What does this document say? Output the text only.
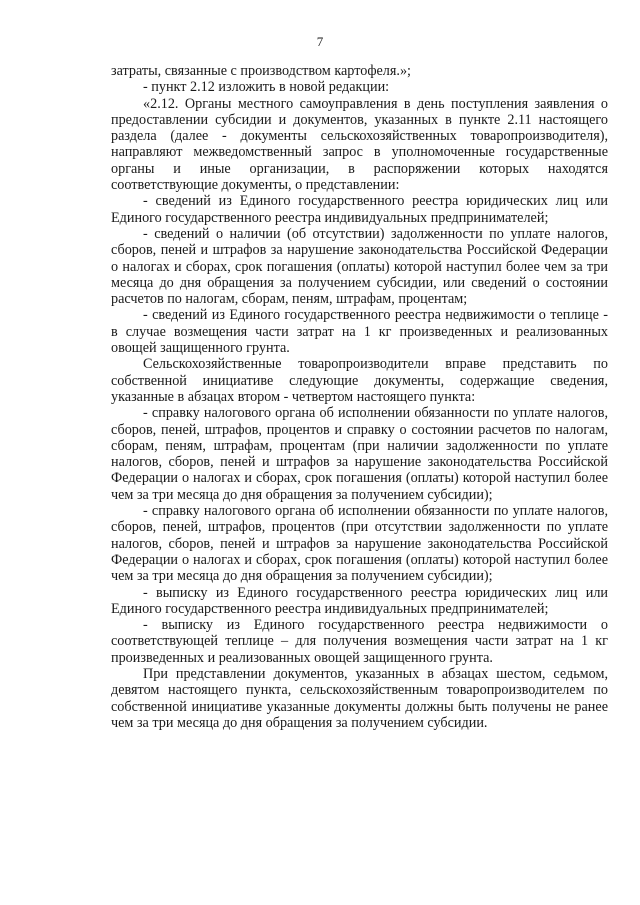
7

затраты, связанные с производством картофеля.»;

- пункт 2.12 изложить в новой редакции:

«2.12. Органы местного самоуправления в день поступления заявления о предоставлении субсидии и документов, указанных в пункте 2.11 настоящего раздела (далее - документы сельскохозяйственных товаропроизводителя), направляют межведомственный запрос в уполномоченные государственные органы и иные организации, в распоряжении которых находятся соответствующие документы, о представлении:

- сведений из Единого государственного реестра юридических лиц или Единого государственного реестра индивидуальных предпринимателей;

- сведений о наличии (об отсутствии) задолженности по уплате налогов, сборов, пеней и штрафов за нарушение законодательства Российской Федерации о налогах и сборах, срок погашения (оплаты) которой наступил более чем за три месяца до дня обращения за получением субсидии, или сведений о состоянии расчетов по налогам, сборам, пеням, штрафам, процентам;

- сведений из Единого государственного реестра недвижимости о теплице - в случае возмещения части затрат на 1 кг произведенных и реализованных овощей защищенного грунта.

Сельскохозяйственные товаропроизводители вправе представить по собственной инициативе следующие документы, содержащие сведения, указанные в абзацах втором - четвертом настоящего пункта:

- справку налогового органа об исполнении обязанности по уплате налогов, сборов, пеней, штрафов, процентов и справку о состоянии расчетов по налогам, сборам, пеням, штрафам, процентам (при наличии задолженности по уплате налогов, сборов, пеней и штрафов за нарушение законодательства Российской Федерации о налогах и сборах, срок погашения (оплаты) которой наступил более чем за три месяца до дня обращения за получением субсидии);

- справку налогового органа об исполнении обязанности по уплате налогов, сборов, пеней, штрафов, процентов (при отсутствии задолженности по уплате налогов, сборов, пеней и штрафов за нарушение законодательства Российской Федерации о налогах и сборах, срок погашения (оплаты) которой наступил более чем за три месяца до дня обращения за получением субсидии);

- выписку из Единого государственного реестра юридических лиц или Единого государственного реестра индивидуальных предпринимателей;

- выписку из Единого государственного реестра недвижимости о соответствующей теплице – для получения возмещения части затрат на 1 кг произведенных и реализованных овощей защищенного грунта.

При представлении документов, указанных в абзацах шестом, седьмом, девятом настоящего пункта, сельскохозяйственным товаропроизводителем по собственной инициативе указанные документы должны быть получены не ранее чем за три месяца до дня обращения за получением субсидии.
